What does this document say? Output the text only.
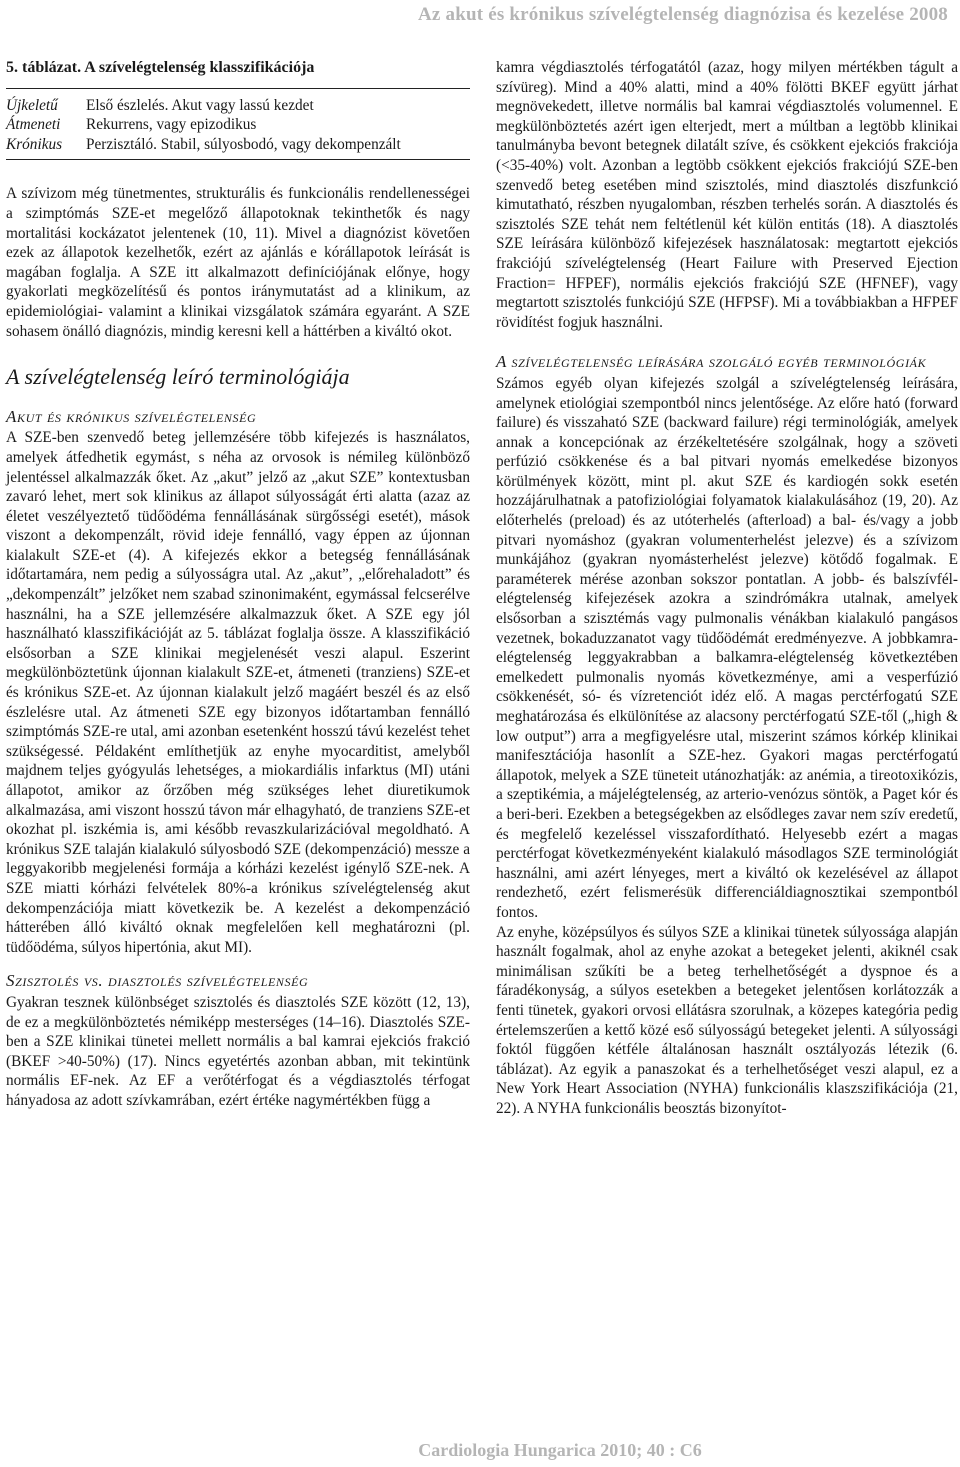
Az akut és krónikus szívelégtelenség diagnózisa és kezelése 2008
5. táblázat. A szívelégtelenség klasszifikációja
Újkeletű	Első észlelés. Akut vagy lassú kezdet
Átmeneti	Rekurrens, vagy epizodikus
Krónikus	Perzisztáló. Stabil, súlyosbodó, vagy dekompenzált

A szívizom még tünetmentes, strukturális és funkcionális rendellenességei a szimptómás SZE-et megelőző állapotoknak tekinthetők és nagy mortalitási kockázatot jelentenek (10, 11). Mivel a diagnózist követően ezek az állapotok kezelhetők, ezért az ajánlás e kórállapotok leírását is magában foglalja. A SZE itt alkalmazott definíciójának előnye, hogy gyakorlati megközelítésű és pontos iránymutatást ad a klinikum, az epidemiológiai- valamint a klinikai vizsgálatok számára egyaránt. A SZE sohasem önálló diagnózis, mindig keresni kell a háttérben a kiváltó okot.

A szívelégtelenség leíró terminológiája
Akut és krónikus szívelégtelenség

A SZE-ben szenvedő beteg jellemzésére több kifejezés is használatos, amelyek átfedhetik egymást, s néha az orvosok is némileg különböző jelentéssel alkalmazzák őket. Az „akut” jelző az „akut SZE” kontextusban zavaró lehet, mert sok klinikus az állapot súlyosságát érti alatta (azaz az életet veszélyeztető tüdőödéma fennállásának sürgősségi esetét), mások viszont a dekompenzált, rövid ideje fennálló, vagy éppen az újonnan kialakult SZE-et (4). A kifejezés ekkor a betegség fennállásának időtartamára, nem pedig a súlyosságra utal. Az „akut”, „előrehaladott” és „dekompenzált” jelzőket nem szabad szinonimaként, egymással felcserélve használni, ha a SZE jellemzésére alkalmazzuk őket. A SZE egy jól használható klasszifikációját az 5. táblázat foglalja össze. A klasszifikáció elsősorban a SZE klinikai megjelenését veszi alapul. Eszerint megkülönböztetünk újonnan kialakult SZE-et, átmeneti (tranziens) SZE-et és krónikus SZE-et. Az újonnan kialakult jelző magáért beszél és az első észlelésre utal. Az átmeneti SZE egy bizonyos időtartamban fennálló szimptómás SZE-re utal, ami azonban esetenként hosszú távú kezelést tehet szükségessé. Példaként említhetjük az enyhe myocarditist, amelyből majdnem teljes gyógyulás lehetséges, a miokardiális infarktus (MI) utáni állapotot, amikor az őrzőben még szükséges lehet diuretikumok alkalmazása, ami viszont hosszú távon már elhagyható, de tranziens SZE-et okozhat pl. iszkémia is, ami később revaszkularizációval megoldható. A krónikus SZE talaján kialakuló súlyosbodó SZE (dekompenzáció) messze a leggyakoribb megjelenési formája a kórházi kezelést igénylő SZE-nek. A SZE miatti kórházi felvételek 80%-a krónikus szívelégtelenség akut dekompenzációja miatt következik be. A kezelést a dekompenzáció hátterében álló kiváltó oknak megfelelően kell meghatározni (pl. tüdőödéma, súlyos hipertónia, akut MI).

Szisztolés vs. diasztolés szívelégtelenség

Gyakran tesznek különbséget szisztolés és diasztolés SZE között (12, 13), de ez a megkülönböztetés némiképp mesterséges (14–16). Diasztolés SZE-ben a SZE klinikai tünetei mellett normális a bal kamrai ejekciós frakció (BKEF >40-50%) (17). Nincs egyetértés azonban abban, mit tekintünk normális EF-nek. Az EF a verőtérfogat és a végdiasztolés térfogat hányadosa az adott szívkamrában, ezért értéke nagymértékben függ a

kamra végdiasztolés térfogatától (azaz, hogy milyen mértékben tágult a szívüreg). Mind a 40% alatti, mind a 40% fölötti BKEF együtt járhat megnövekedett, illetve normális bal kamrai végdiasztolés volumennel. E megkülönböztetés azért igen elterjedt, mert a múltban a legtöbb klinikai tanulmányba bevont betegnek dilatált szíve, és csökkent ejekciós frakciója (<35-40%) volt. Azonban a legtöbb csökkent ejekciós frakciójú SZE-ben szenvedő beteg esetében mind szisztolés, mind diasztolés diszfunkció kimutatható, részben nyugalomban, részben terhelés során. A diasztolés és szisztolés SZE tehát nem feltétlenül két külön entitás (18). A diasztolés SZE leírására különböző kifejezések használatosak: megtartott ejekciós frakciójú szívelégtelenség (Heart Failure with Preserved Ejection Fraction= HFPEF), normális ejekciós frakciójú SZE (HFNEF), vagy megtartott szisztolés funkciójú SZE (HFPSF). Mi a továbbiakban a HFPEF rövidítést fogjuk használni.

A szívelégtelenség leírására szolgáló egyéb terminológiák

Számos egyéb olyan kifejezés szolgál a szívelégtelenség leírására, amelynek etiológiai szempontból nincs jelentősége. Az előre ható (forward failure) és visszaható SZE (backward failure) régi terminológiák, amelyek annak a koncepciónak az érzékeltetésére szolgálnak, hogy a szöveti perfúzió csökkenése és a bal pitvari nyomás emelkedése bizonyos körülmények között, mint pl. akut SZE és kardiogén sokk esetén hozzájárulhatnak a patofiziológiai folyamatok kialakulásához (19, 20). Az előterhelés (preload) és az utóterhelés (afterload) a bal- és/vagy a jobb pitvari nyomáshoz (gyakran volumenterhelést jelezve) és a szívizom munkájához (gyakran nyomásterhelést jelezve) kötődő fogalmak. E paraméterek mérése azonban sokszor pontatlan. A jobb- és balszívfél-elégtelenség kifejezések azokra a szindrómákra utalnak, amelyek elsősorban a szisztémás vagy pulmonalis vénákban kialakuló pangásos vezetnek, bokaduzzanatot vagy tüdőödémát eredményezve. A jobbkamra-elégtelenség leggyakrabban a balkamra-elégtelenség következtében emelkedett pulmonalis nyomás következménye, ami a vesperfúzió csökkenését, só- és vízretenciót idéz elő. A magas perctérfogatú SZE meghatározása és elkülönítése az alacsony perctérfogatú SZE-től („high & low output”) arra a megfigyelésre utal, miszerint számos kórkép klinikai manifesztációja hasonlít a SZE-hez. Gyakori magas perctérfogatú állapotok, melyek a SZE tüneteit utánozhatják: az anémia, a tireotoxikózis, a szeptikémia, a májelégtelenség, az arterio-venózus söntök, a Paget kór és a beri-beri. Ezekben a betegségekben az elsődleges zavar nem szív eredetű, és megfelelő kezeléssel visszafordítható. Helyesebb ezért a magas perctérfogat következményeként kialakuló másodlagos SZE terminológiát használni, ami azért lényeges, mert a kiváltó ok kezelésével az állapot rendezhető, ezért felismerésük differenciáldiagnosztikai szempontból fontos.

Az enyhe, középsúlyos és súlyos SZE a klinikai tünetek súlyossága alapján használt fogalmak, ahol az enyhe azokat a betegeket jelenti, akiknél csak minimálisan szűkíti be a beteg terhelhetőségét a dyspnoe és a fáradékonyság, a súlyos esetekben a betegeket jelentősen korlátozzák a fenti tünetek, gyakori orvosi ellátásra szorulnak, a közepes kategória pedig értelemszerűen a kettő közé eső súlyosságú betegeket jelenti. A súlyossági foktól függően kétféle általánosan használt osztályozás létezik (6. táblázat). Az egyik a panaszokat és a terhelhetőséget veszi alapul, ez a New York Heart Association (NYHA) funkcionális klaszszifikációja (21, 22). A NYHA funkcionális beosztás bizonyítot-

Cardiologia Hungarica 2010; 40 : C6
